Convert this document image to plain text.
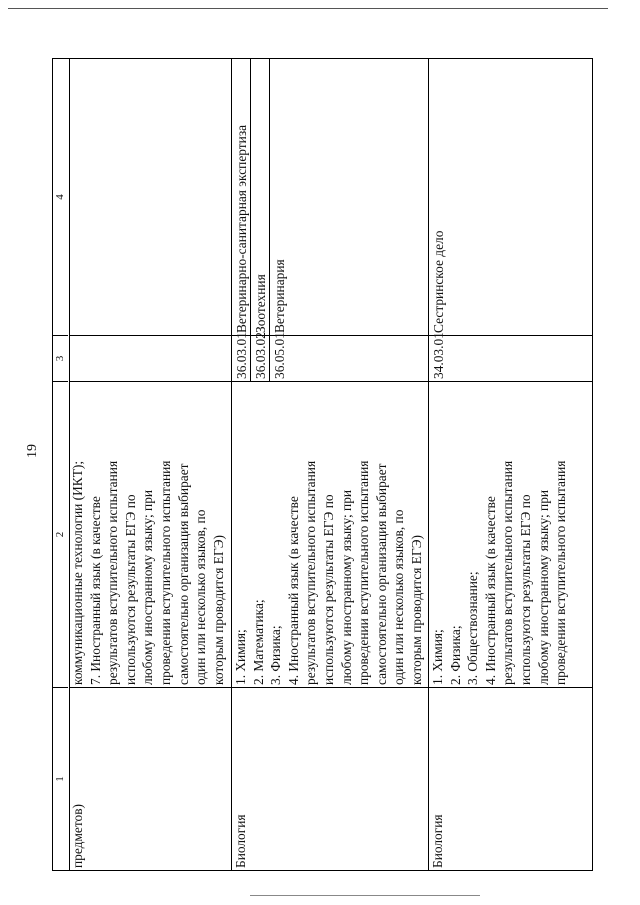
19
1
2
3
4
предметов)
коммуникационные технологии (ИКТ); 7. Иностранный язык (в качестве результатов вступительного испытания используются результаты ЕГЭ по любому иностранному языку; при проведении вступительного испытания самостоятельно организация выбирает один или несколько языков, по которым проводится ЕГЭ)
Биология
1. Химия; 2. Математика; 3. Физика; 4. Иностранный язык (в качестве результатов вступительного испытания используются результаты ЕГЭ по любому иностранному языку; при проведении вступительного испытания самостоятельно организация выбирает один или несколько языков, по которым проводится ЕГЭ)
36.03.01 36.03.02 36.05.01
Ветеринарно-санитарная экспертиза Зоотехния Ветеринария
Биология
1. Химия; 2. Физика; 3. Обществознание; 4. Иностранный язык (в качестве результатов вступительного испытания используются результаты ЕГЭ по любому иностранному языку; при проведении вступительного испытания
34.03.01
Сестринское дело
